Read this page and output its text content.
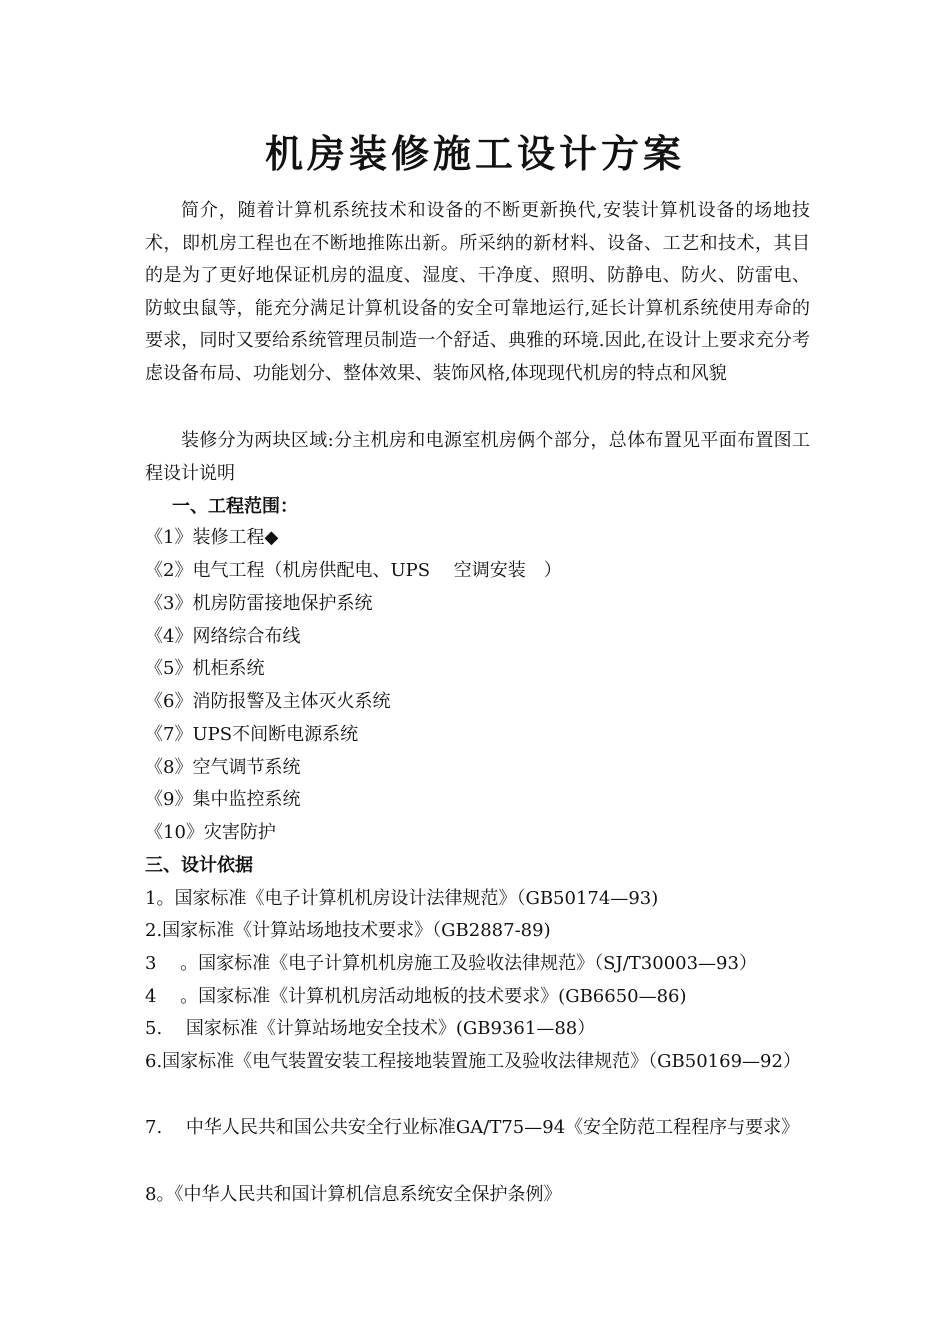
机房装修施工设计方案
简介，随着计算机系统技术和设备的不断更新换代,安装计算机设备的场地技术，即机房工程也在不断地推陈出新。所采纳的新材料、设备、工艺和技术，其目的是为了更好地保证机房的温度、湿度、干净度、照明、防静电、防火、防雷电、防蚊虫鼠等，能充分满足计算机设备的安全可靠地运行,延长计算机系统使用寿命的要求，同时又要给系统管理员制造一个舒适、典雅的环境.因此,在设计上要求充分考虑设备布局、功能划分、整体效果、装饰风格,体现现代机房的特点和风貌
装修分为两块区域:分主机房和电源室机房俩个部分，总体布置见平面布置图工程设计说明
一、工程范围：
《1》装修工程◆
《2》电气工程（机房供配电、UPS　 空调安装　）
《3》机房防雷接地保护系统
《4》网络综合布线
《5》机柜系统
《6》消防报警及主体灭火系统
《7》UPS不间断电源系统
《8》空气调节系统
《9》集中监控系统
《10》灾害防护
三、设计依据
1。国家标准《电子计算机机房设计法律规范》（GB50174—93)
2.国家标准《计算站场地技术要求》（GB2887-89)
3　 。国家标准《电子计算机机房施工及验收法律规范》（SJ/T30003—93）
4　 。国家标准《计算机机房活动地板的技术要求》(GB6650—86)
5.　 国家标准《计算站场地安全技术》(GB9361—88）
6.国家标准《电气装置安装工程接地装置施工及验收法律规范》（GB50169—92）
7.　 中华人民共和国公共安全行业标准GA/T75—94《安全防范工程程序与要求》
8。《中华人民共和国计算机信息系统安全保护条例》
